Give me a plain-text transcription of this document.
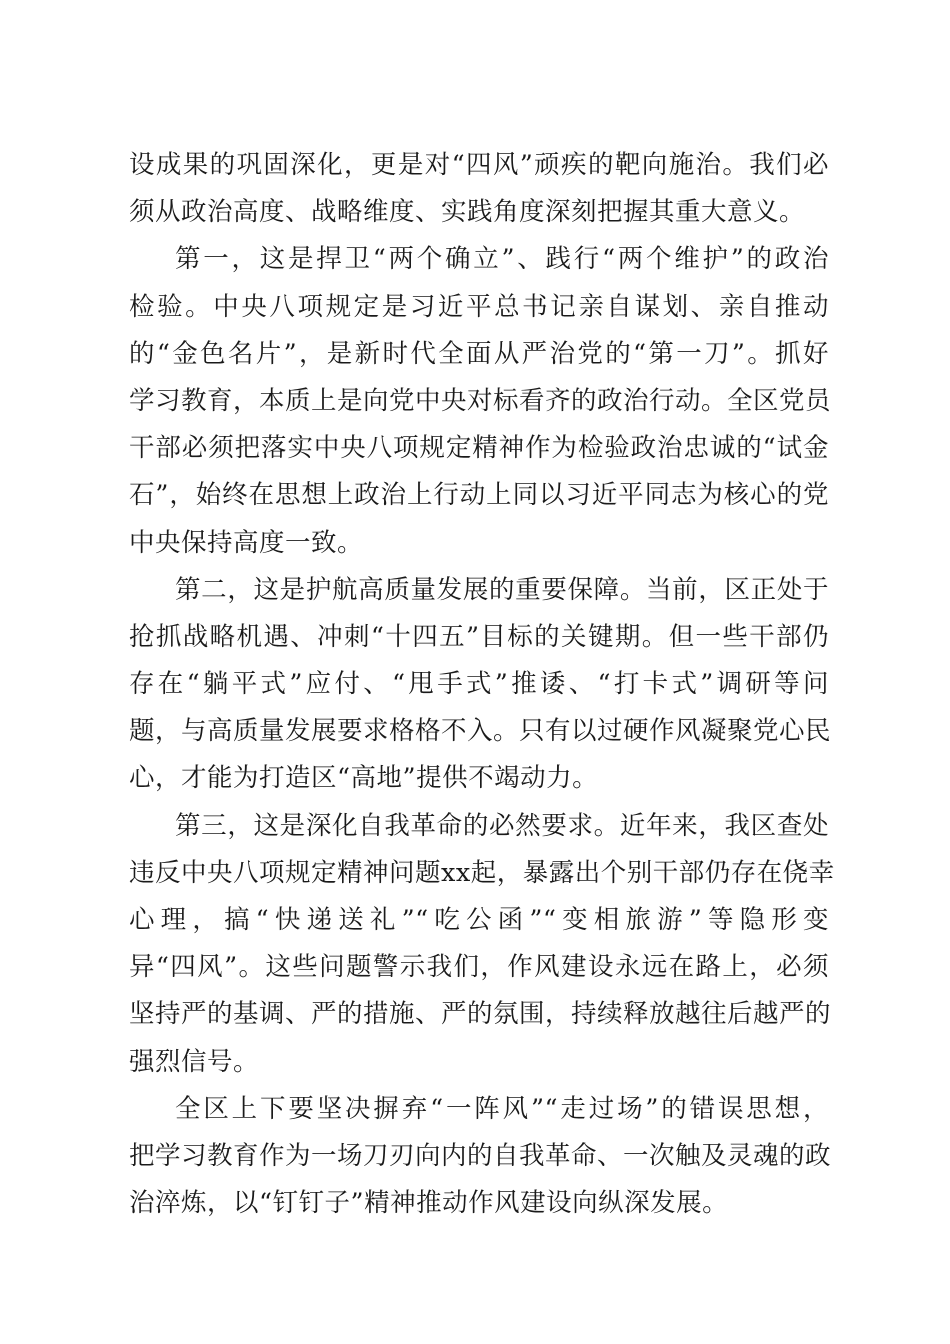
设成果的巩固深化，更是对“四风”顽疾的靶向施治。我们必
须从政治高度、战略维度、实践角度深刻把握其重大意义。
第一，这是捍卫“两个确立”、践行“两个维护”的政治
检验。中央八项规定是习近平总书记亲自谋划、亲自推动
的“金色名片”，是新时代全面从严治党的“第一刀”。抓好
学习教育，本质上是向党中央对标看齐的政治行动。全区党员
干部必须把落实中央八项规定精神作为检验政治忠诚的“试金
石”，始终在思想上政治上行动上同以习近平同志为核心的党
中央保持高度一致。
第二，这是护航高质量发展的重要保障。当前，区正处于
抢抓战略机遇、冲刺“十四五”目标的关键期。但一些干部仍
存在“躺平式”应付、“甩手式”推诿、“打卡式”调研等问
题，与高质量发展要求格格不入。只有以过硬作风凝聚党心民
心，才能为打造区“高地”提供不竭动力。
第三，这是深化自我革命的必然要求。近年来，我区查处
违反中央八项规定精神问题xx起，暴露出个别干部仍存在侥幸
心理，搞“快递送礼”“吃公函”“变相旅游”等隐形变
异“四风”。这些问题警示我们，作风建设永远在路上，必须
坚持严的基调、严的措施、严的氛围，持续释放越往后越严的
强烈信号。
全区上下要坚决摒弃“一阵风”“走过场”的错误思想，
把学习教育作为一场刀刃向内的自我革命、一次触及灵魂的政
治淬炼，以“钉钉子”精神推动作风建设向纵深发展。
